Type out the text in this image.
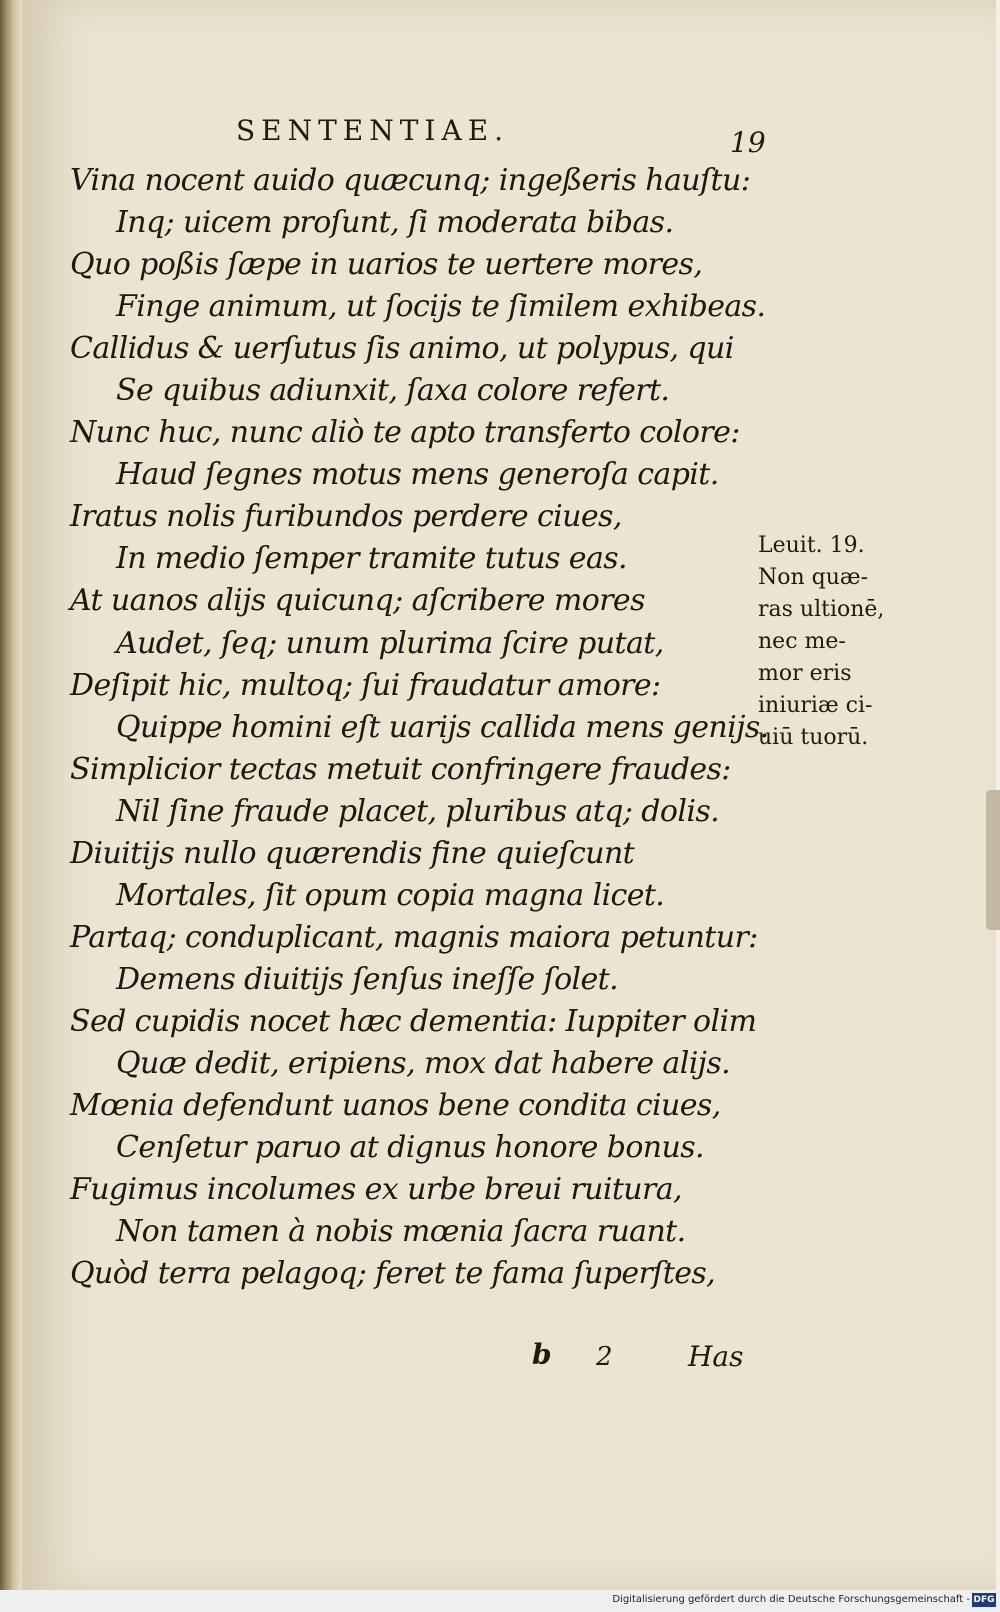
SENTENTIAE.	19
Vina nocent auido quæcunq; ingeßeris hauſtu:
Inq; uicem proſunt, ſi moderata bibas.
Quo poßis ſæpe in uarios te uertere mores,
Finge animum, ut ſocijs te ſimilem exhibeas.
Callidus & uerſutus ſis animo, ut polypus, qui
Se quibus adiunxit, ſaxa colore refert.
Nunc huc, nunc aliò te apto transferto colore:
Haud ſegnes motus mens generoſa capit.
Iratus nolis furibundos perdere ciues,
In medio ſemper tramite tutus eas.
At uanos alijs quicunq; aſcribere mores
Audet, ſeq; unum plurima ſcire putat,
Deſipit hic, multoq; ſui fraudatur amore:
Quippe homini eſt uarijs callida mens genijs.
Simplicior tectas metuit confringere fraudes:
Nil ſine fraude placet, pluribus atq; dolis.
Diuitijs nullo quærendis fine quieſcunt
Mortales, ſit opum copia magna licet.
Partaq; conduplicant, magnis maiora petuntur:
Demens diuitijs ſenſus ineſſe ſolet.
Sed cupidis nocet hæc dementia: Iuppiter olim
Quæ dedit, eripiens, mox dat habere alijs.
Mœnia defendunt uanos bene condita ciues,
Cenſetur paruo at dignus honore bonus.
Fugimus incolumes ex urbe breui ruitura,
Non tamen à nobis mœnia ſacra ruant.
Quòd terra pelagoq; feret te fama ſuperſtes,
Leuit. 19.
Non quæ-
ras ultionē,
nec me-
mor eris
iniuriæ ci-
uiū tuorū.
b 2	Has
Digitalisierung gefördert durch die Deutsche Forschungsgemeinschaft - DFG
